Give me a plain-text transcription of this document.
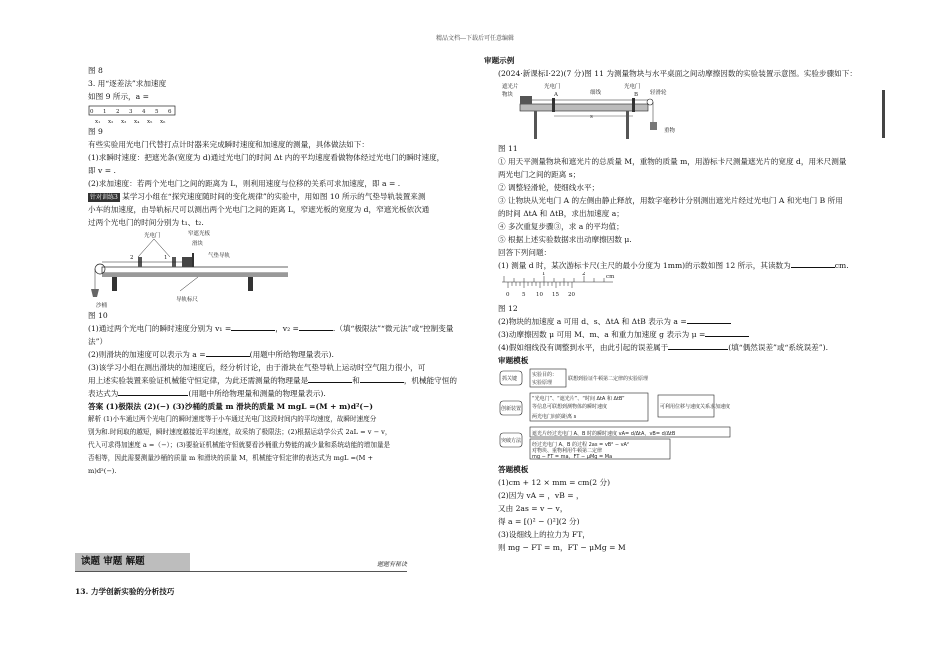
精品文档---下载后可任意编辑
图 8
3. 用“逐差法”求加速度
如图 9 所示，a =
0 1 2 3 4 5 6
x₁ x₂ x₃ x₄ x₅ x₆
图 9
有些实验用光电门代替打点计时器来完成瞬时速度和加速度的测量，具体做法如下：
(1)求瞬时速度：把遮光条(宽度为 d)通过光电门的时间 Δt 内的平均速度看做物体经过光电门的瞬时速度，
即 v = .
(2)求加速度：若两个光电门之间的距离为 L，则利用速度与位移的关系可求加速度，即 a = .
针对训练3 某学习小组在“探究速度随时间的变化规律”的实验中，用如图 10 所示的气垫导轨装置来测
小车的加速度，由导轨标尺可以测出两个光电门之间的距离 L，窄遮光板的宽度为 d，窄遮光板依次通
过两个光电门的时间分别为 t₁、t₂.
光电门	窄遮光板
滑块
气垫导轨
沙桶
导轨标尺
2	1
图 10
(1)通过两个光电门的瞬时速度分别为 v₁ =	，v₂ =	.（填“极限法”“微元法”或“控制变量
法”）
(2)则滑块的加速度可以表示为 a =	(用题中所给物理量表示).
(3)该学习小组在测出滑块的加速度后，经分析讨论，由于滑块在气垫导轨上运动时空气阻力很小，可
用上述实验装置来验证机械能守恒定律，为此还需测量的物理量是	和	，机械能守恒的
表达式为	(用题中所给物理量和测量的物理量表示).
答案 (1)极限法 (2)(−) (3)沙桶的质量 m 滑块的质量 M mgL =(M + m)d²(−)
解析 (1)小车通过两个光电门的瞬时速度等于小车通过光电门这段时间内的平均速度，故瞬时速度分
别为和.时间取的越短，瞬时速度越接近平均速度，故采纳了极限法；(2)根据运动学公式 2aL = v − v，
代入可求得加速度 a =（−）；(3)要验证机械能守恒就要看沙桶重力势能的减少量和系统动能的增加量是
否相等，因此需要测量沙桶的质量 m 和滑块的质量 M，机械能守恒定律的表达式为 mgL =(M +
m)d²(−).
读题 审题 解题	题题有秘诀
13. 力学创新实验的分析技巧
审题示例
(2024·新课标Ⅰ·22)(7 分)图 11 为测量物块与水平桌面之间动摩擦因数的实验装置示意图。实验步骤如下：
遮光片
物块
光电门
A	细线
光电门
B 轻滑轮
重物
s
图 11
① 用天平测量物块和遮光片的总质量 M，重物的质量 m，用游标卡尺测量遮光片的宽度 d，用米尺测量
两光电门之间的距离 s；
② 调整轻滑轮，使细线水平；
③ 让物块从光电门 A 的左侧由静止释放，用数字毫秒计分别测出遮光片经过光电门 A 和光电门 B 所用
的时间 ΔtA 和 ΔtB，求出加速度 a；
④ 多次重复步骤③，求 a 的平均值；
⑤ 根据上述实验数据求出动摩擦因数 μ.
回答下列问题：
(1) 测量 d 时，某次游标卡尺(主尺的最小分度为 1mm)的示数如图 12 所示，其读数为	cm.
1	2	cm
0 5 10 15 20
图 12
(2)物块的加速度 a 可用 d、s、ΔtA 和 ΔtB 表示为 a =
(3)动摩擦因数 μ 可用 M、m、a 和重力加速度 g 表示为 μ =
(4)假如细线没有调整到水平，由此引起的误差属于	(填“偶然误差”或“系统误差”).
审题模板
抓关键
创新装置
突破方法
实验目的：
实验原理
联想到验证牛顿第二定律的实验原理
“光电门”、“遮光片”、“时间 ΔtA 和 ΔtB”
等信息可联想到测物体的瞬时速度
两光电门间的距离 s
可利用位移与速度关系求加速度
遮光片经过光电门 A、B 时的瞬时速度 vA= d/ΔtA，vB= d/ΔtB
经过光电门 A、B 的过程 2as = vB² − vA²
对物块、重物利用牛顿第二定律
mg − FT = ma，FT − μMg = Ma
答题模板
(1)cm + 12 × mm = cm(2 分)
(2)因为 vA = ，vB = ，
又由 2as = v − v，
得 a = [()² − ()²](2 分)
(3)设细线上的拉力为 FT，
则 mg − FT = m，FT − μMg = M
